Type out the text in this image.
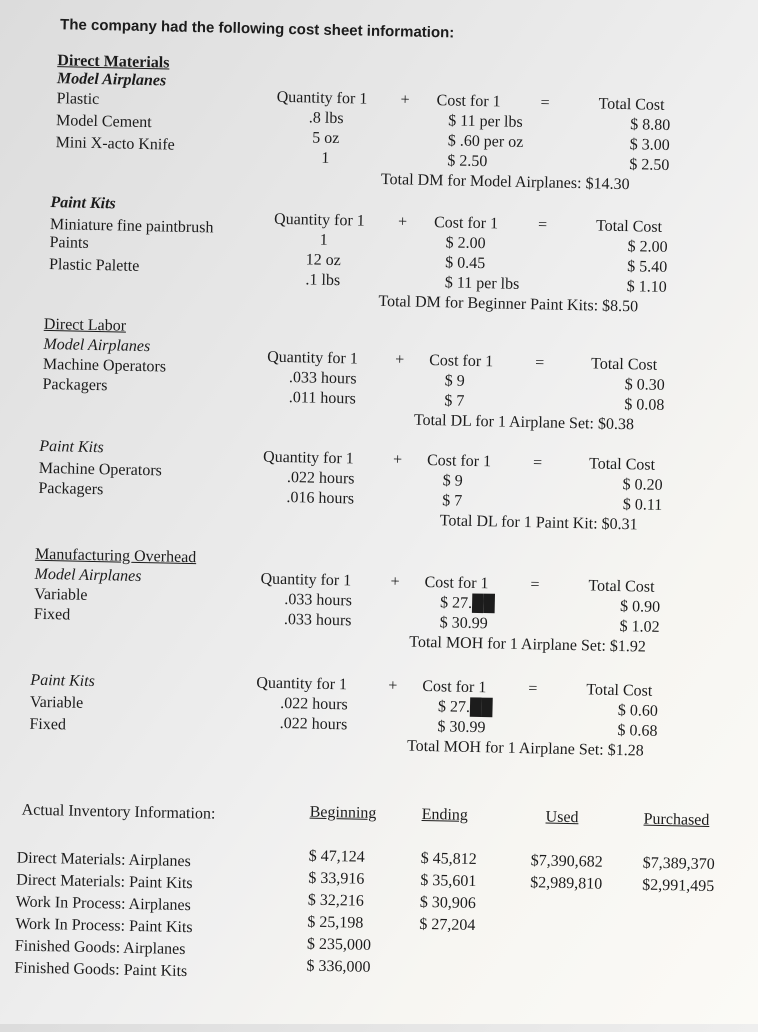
The company had the following cost sheet information:
Direct Materials
Model Airplanes
Quantity for 1 + Cost for 1 =	Total Cost
Plastic
.8 lbs	$ 11 per lbs	$ 8.80
Model Cement
5 oz	$ .60 per oz	$ 3.00
Mini X-acto Knife
1	$ 2.50	$ 2.50
Total DM for Model Airplanes: $14.30
Paint Kits
Quantity for 1 + Cost for 1 =	Total Cost
Miniature fine paintbrush
1	$ 2.00	$ 2.00
Paints
12 oz	$ 0.45	$ 5.40
Plastic Palette
.1 lbs	$ 11 per lbs	$ 1.10
Total DM for Beginner Paint Kits: $8.50
Direct Labor
Model Airplanes
Quantity for 1 + Cost for 1	=	Total Cost
Machine Operators
.033 hours	$ 9	$ 0.30
Packagers
.011 hours	$ 7	$ 0.08
Total DL for 1 Airplane Set: $0.38
Paint Kits
Quantity for 1 + Cost for 1	=	Total Cost
Machine Operators	.022 hours	$ 9	$ 0.20
Packagers
.016 hours	$ 7	$ 0.11
Total DL for 1 Paint Kit: $0.31
Manufacturing Overhead
Model Airplanes	Quantity for 1 + Cost for 1	=	Total Cost
Variable	.033 hours	$ 27.██	$ 0.90
Fixed	.033 hours	$ 30.99	$ 1.02
Total MOH for 1 Airplane Set: $1.92
Paint Kits	Quantity for 1	+ Cost for 1	=	Total Cost
Variable	.022 hours	$ 27.██	$ 0.60
Fixed	.022 hours	$ 30.99	$ 0.68
Total MOH for 1 Airplane Set: $1.28
Actual Inventory Information:	Beginning	Ending	Used	Purchased
Direct Materials: Airplanes	$ 47,124	$ 45,812	$7,390,682 $7,389,370
Direct Materials: Paint Kits	$ 33,916	$ 35,601	$2,989,810 $2,991,495
Work In Process: Airplanes	$ 32,216	$ 30,906
Work In Process: Paint Kits	$ 25,198	$ 27,204
Finished Goods: Airplanes	$ 235,000
Finished Goods: Paint Kits	$ 336,000
